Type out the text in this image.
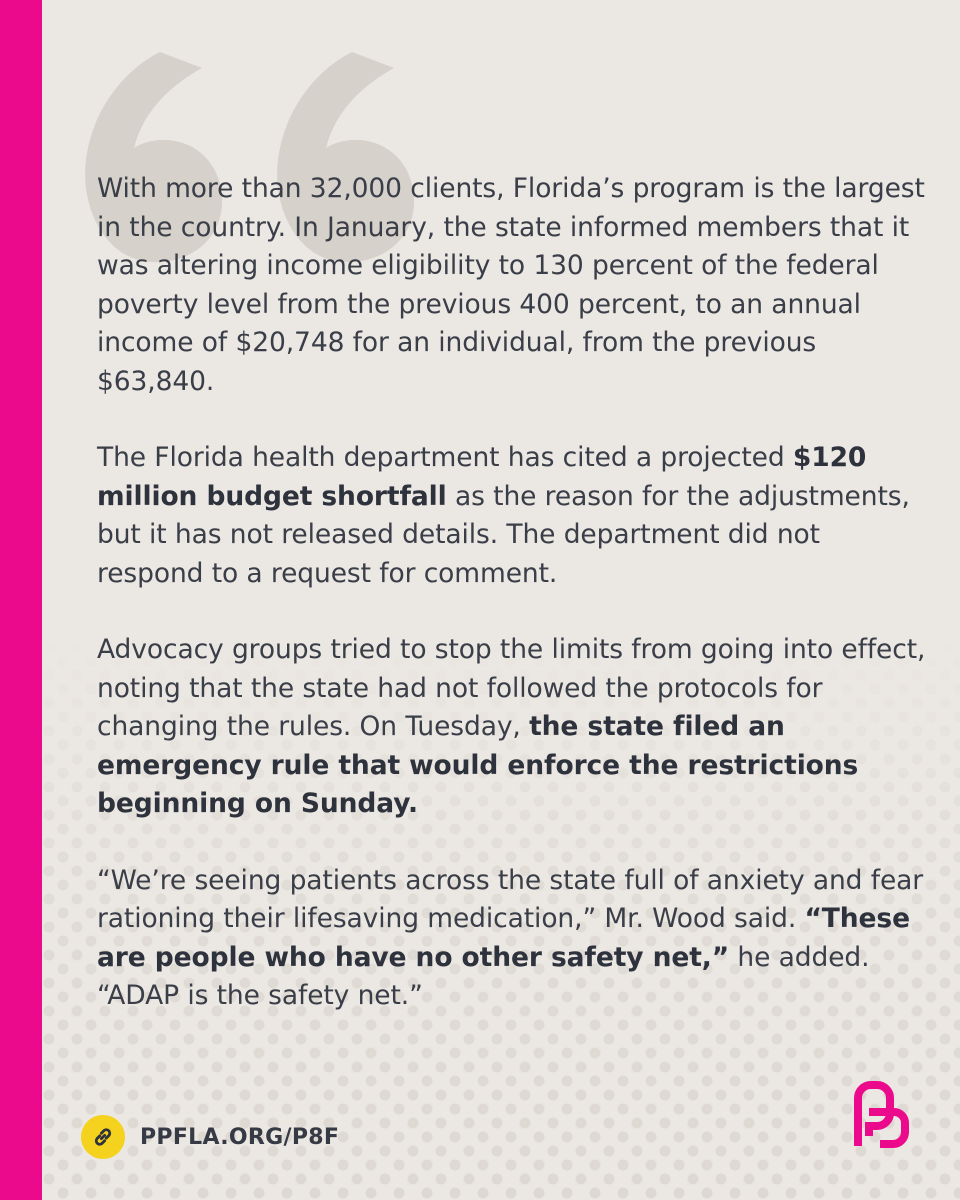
With more than 32,000 clients, Florida’s program is the largest in the country. In January, the state informed members that it was altering income eligibility to 130 percent of the federal poverty level from the previous 400 percent, to an annual income of $20,748 for an individual, from the previous $63,840.

The Florida health department has cited a projected $120 million budget shortfall as the reason for the adjustments, but it has not released details. The department did not respond to a request for comment.

Advocacy groups tried to stop the limits from going into effect, noting that the state had not followed the protocols for changing the rules. On Tuesday, the state filed an emergency rule that would enforce the restrictions beginning on Sunday.

“We’re seeing patients across the state full of anxiety and fear rationing their lifesaving medication,” Mr. Wood said. “These are people who have no other safety net,” he added. “ADAP is the safety net.”

PPFLA.ORG/P8F
